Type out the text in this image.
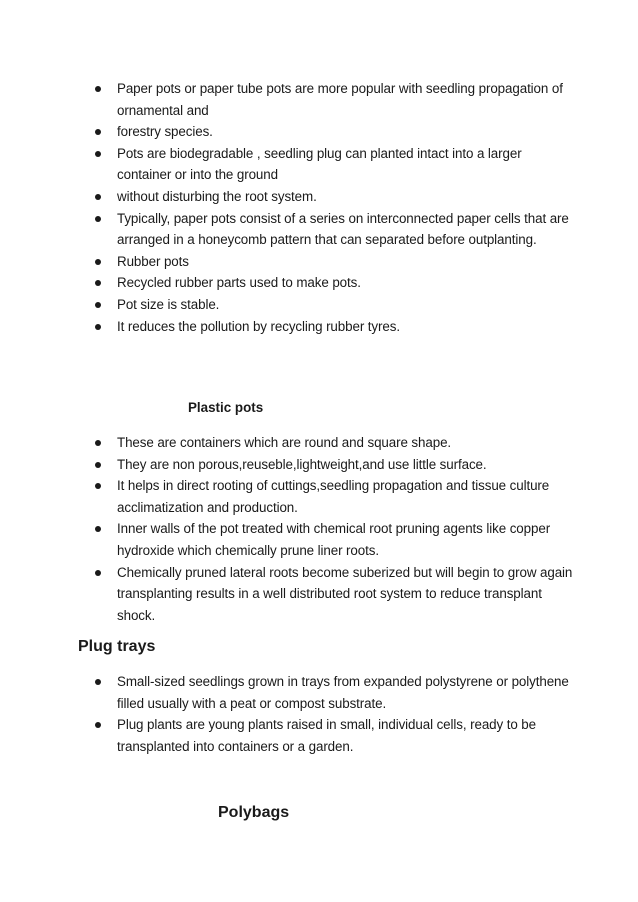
Paper pots or paper tube pots are more popular with seedling propagation of ornamental and
forestry species.
Pots are biodegradable , seedling plug can planted intact into a larger container or into the ground
without disturbing the root system.
Typically, paper pots consist of a series on interconnected paper cells that are arranged in a honeycomb pattern that can separated before outplanting.
Rubber pots
Recycled rubber parts used to make pots.
Pot size is stable.
It reduces the pollution by recycling rubber tyres.
Plastic pots
These are containers which are round and square shape.
They are non porous,reuseble,lightweight,and use little surface.
It helps in direct rooting of cuttings,seedling propagation and tissue culture acclimatization and production.
Inner walls of the pot treated with chemical root pruning agents like copper hydroxide which chemically prune liner roots.
Chemically pruned lateral roots become suberized but will begin to grow again transplanting results in a well distributed root system to reduce transplant shock.
Plug trays
Small-sized seedlings grown in trays from expanded polystyrene or polythene filled usually with a peat or compost substrate.
Plug plants are young plants raised in small, individual cells, ready to be transplanted into containers or a garden.
Polybags
